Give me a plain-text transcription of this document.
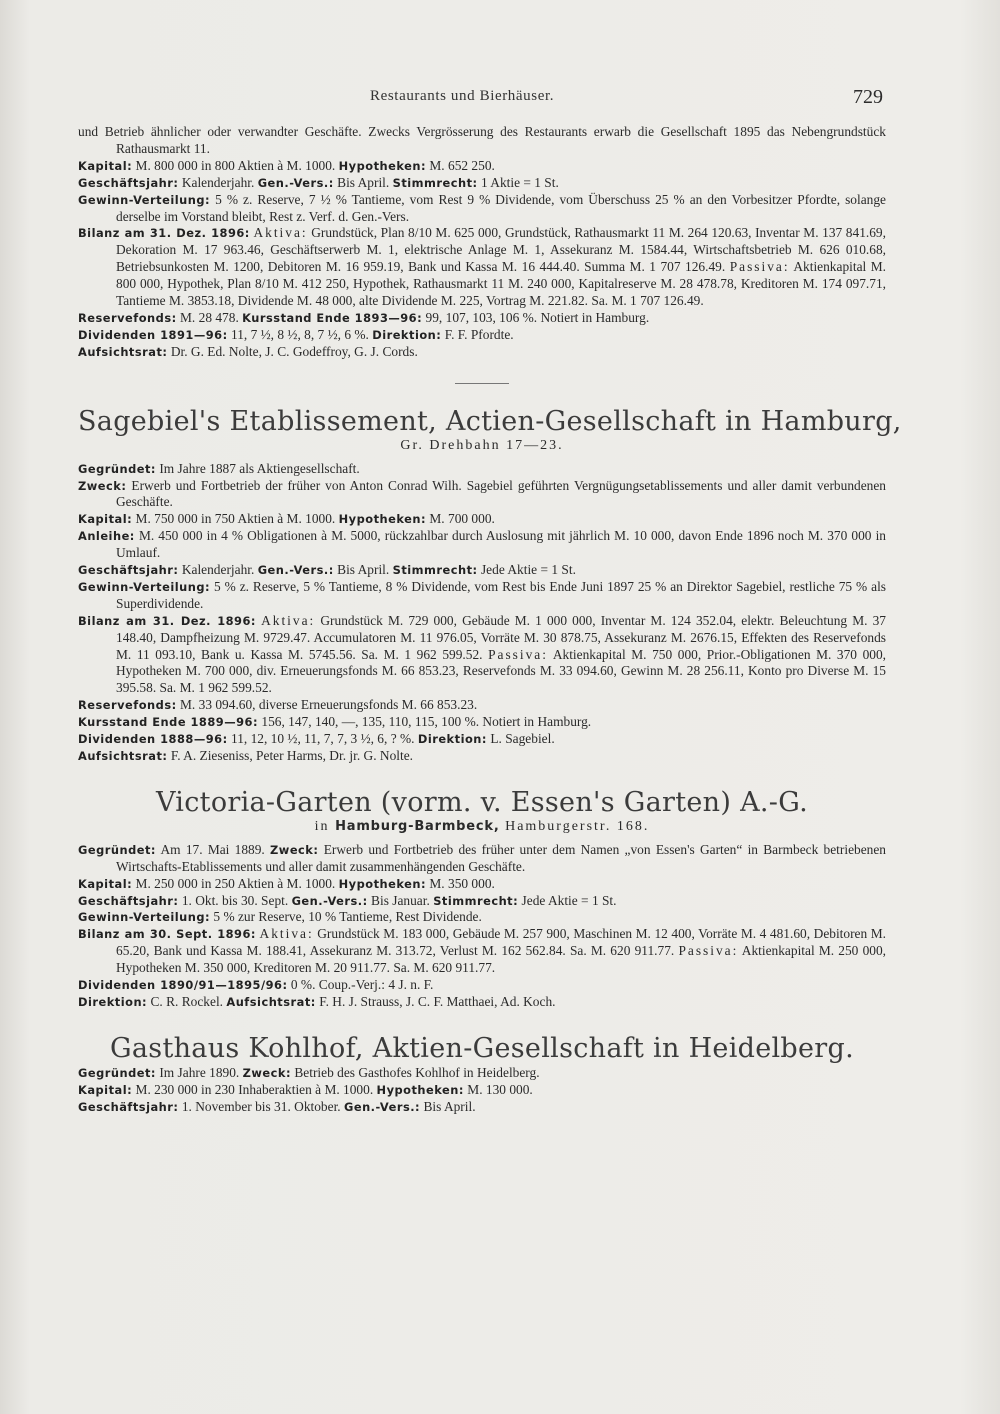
Restaurants und Bierhäuser.	729

und Betrieb ähnlicher oder verwandter Geschäfte. Zwecks Vergrösserung des Restaurants erwarb die Gesellschaft 1895 das Nebengrundstück Rathausmarkt 11.

Kapital: M. 800 000 in 800 Aktien à M. 1000. Hypotheken: M. 652 250.

Geschäftsjahr: Kalenderjahr. Gen.-Vers.: Bis April. Stimmrecht: 1 Aktie = 1 St.

Gewinn-Verteilung: 5 % z. Reserve, 7 ½ % Tantieme, vom Rest 9 % Dividende, vom Überschuss 25 % an den Vorbesitzer Pfordte, solange derselbe im Vorstand bleibt, Rest z. Verf. d. Gen.-Vers.

Bilanz am 31. Dez. 1896: Aktiva: Grundstück, Plan 8/10 M. 625 000, Grundstück, Rathausmarkt 11 M. 264 120.63, Inventar M. 137 841.69, Dekoration M. 17 963.46, Geschäftserwerb M. 1, elektrische Anlage M. 1, Assekuranz M. 1584.44, Wirtschaftsbetrieb M. 626 010.68, Betriebsunkosten M. 1200, Debitoren M. 16 959.19, Bank und Kassa M. 16 444.40. Summa M. 1 707 126.49. Passiva: Aktienkapital M. 800 000, Hypothek, Plan 8/10 M. 412 250, Hypothek, Rathausmarkt 11 M. 240 000, Kapitalreserve M. 28 478.78, Kreditoren M. 174 097.71, Tantieme M. 3853.18, Dividende M. 48 000, alte Dividende M. 225, Vortrag M. 221.82. Sa. M. 1 707 126.49.

Reservefonds: M. 28 478. Kursstand Ende 1893—96: 99, 107, 103, 106 %. Notiert in Hamburg.

Dividenden 1891—96: 11, 7 ½, 8 ½, 8, 7 ½, 6 %. Direktion: F. F. Pfordte.

Aufsichtsrat: Dr. G. Ed. Nolte, J. C. Godeffroy, G. J. Cords.

Sagebiel's Etablissement, Actien-Gesellschaft in Hamburg,
Gr. Drehbahn 17—23.

Gegründet: Im Jahre 1887 als Aktiengesellschaft.

Zweck: Erwerb und Fortbetrieb der früher von Anton Conrad Wilh. Sagebiel geführten Vergnügungsetablissements und aller damit verbundenen Geschäfte.

Kapital: M. 750 000 in 750 Aktien à M. 1000. Hypotheken: M. 700 000.

Anleihe: M. 450 000 in 4 % Obligationen à M. 5000, rückzahlbar durch Auslosung mit jährlich M. 10 000, davon Ende 1896 noch M. 370 000 in Umlauf.

Geschäftsjahr: Kalenderjahr. Gen.-Vers.: Bis April. Stimmrecht: Jede Aktie = 1 St.

Gewinn-Verteilung: 5 % z. Reserve, 5 % Tantieme, 8 % Dividende, vom Rest bis Ende Juni 1897 25 % an Direktor Sagebiel, restliche 75 % als Superdividende.

Bilanz am 31. Dez. 1896: Aktiva: Grundstück M. 729 000, Gebäude M. 1 000 000, Inventar M. 124 352.04, elektr. Beleuchtung M. 37 148.40, Dampfheizung M. 9729.47. Accumulatoren M. 11 976.05, Vorräte M. 30 878.75, Assekuranz M. 2676.15, Effekten des Reservefonds M. 11 093.10, Bank u. Kassa M. 5745.56. Sa. M. 1 962 599.52. Passiva: Aktienkapital M. 750 000, Prior.-Obligationen M. 370 000, Hypotheken M. 700 000, div. Erneuerungsfonds M. 66 853.23, Reservefonds M. 33 094.60, Gewinn M. 28 256.11, Konto pro Diverse M. 15 395.58. Sa. M. 1 962 599.52.

Reservefonds: M. 33 094.60, diverse Erneuerungsfonds M. 66 853.23.

Kursstand Ende 1889—96: 156, 147, 140, —, 135, 110, 115, 100 %. Notiert in Hamburg.

Dividenden 1888—96: 11, 12, 10 ½, 11, 7, 7, 3 ½, 6, ? %. Direktion: L. Sagebiel.

Aufsichtsrat: F. A. Zieseniss, Peter Harms, Dr. jr. G. Nolte.

Victoria-Garten (vorm. v. Essen's Garten) A.-G.
in Hamburg-Barmbeck, Hamburgerstr. 168.

Gegründet: Am 17. Mai 1889. Zweck: Erwerb und Fortbetrieb des früher unter dem Namen „von Essen's Garten“ in Barmbeck betriebenen Wirtschafts-Etablissements und aller damit zusammenhängenden Geschäfte.

Kapital: M. 250 000 in 250 Aktien à M. 1000. Hypotheken: M. 350 000.

Geschäftsjahr: 1. Okt. bis 30. Sept. Gen.-Vers.: Bis Januar. Stimmrecht: Jede Aktie = 1 St.

Gewinn-Verteilung: 5 % zur Reserve, 10 % Tantieme, Rest Dividende.

Bilanz am 30. Sept. 1896: Aktiva: Grundstück M. 183 000, Gebäude M. 257 900, Maschinen M. 12 400, Vorräte M. 4 481.60, Debitoren M. 65.20, Bank und Kassa M. 188.41, Assekuranz M. 313.72, Verlust M. 162 562.84. Sa. M. 620 911.77. Passiva: Aktienkapital M. 250 000, Hypotheken M. 350 000, Kreditoren M. 20 911.77. Sa. M. 620 911.77.

Dividenden 1890/91—1895/96: 0 %. Coup.-Verj.: 4 J. n. F.

Direktion: C. R. Rockel. Aufsichtsrat: F. H. J. Strauss, J. C. F. Matthaei, Ad. Koch.

Gasthaus Kohlhof, Aktien-Gesellschaft in Heidelberg.

Gegründet: Im Jahre 1890. Zweck: Betrieb des Gasthofes Kohlhof in Heidelberg.

Kapital: M. 230 000 in 230 Inhaberaktien à M. 1000. Hypotheken: M. 130 000.

Geschäftsjahr: 1. November bis 31. Oktober. Gen.-Vers.: Bis April.
